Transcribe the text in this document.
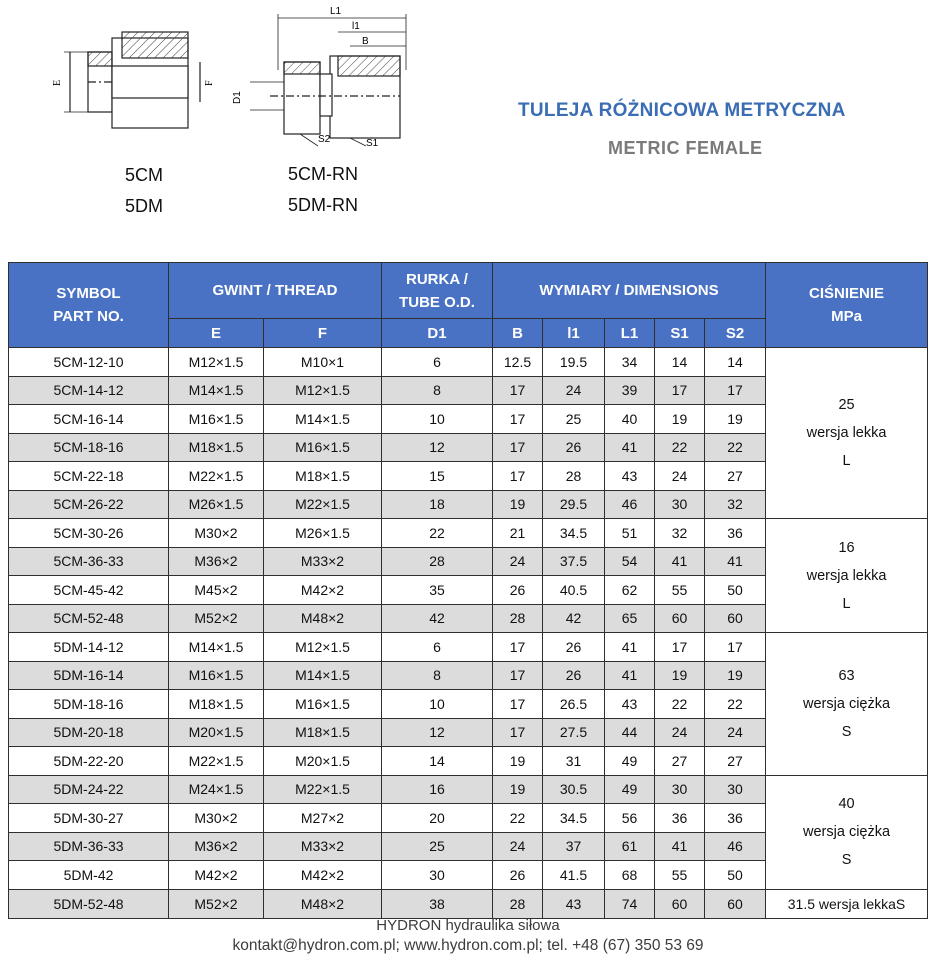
E	F
L1
l1
B
D1
S2	S1
5CM
5DM
5CM-RN
5DM-RN
TULEJA RÓŻNICOWA METRYCZNA
METRIC FEMALE
SYMBOL
PART NO.	GWINT / THREAD		RURKA /
TUBE O.D.	WYMIARY / DIMENSIONS					CIŚNIENIE
MPa
	E	F	D1	B	l1	L1	S1	S2	
5CM-12-10	M12×1.5	M10×1	6	12.5	19.5	34	14	14	25
wersja lekka
L
5CM-14-12	M14×1.5	M12×1.5	8	17	24	39	17	17	
5CM-16-14	M16×1.5	M14×1.5	10	17	25	40	19	19	
5CM-18-16	M18×1.5	M16×1.5	12	17	26	41	22	22	
5CM-22-18	M22×1.5	M18×1.5	15	17	28	43	24	27	
5CM-26-22	M26×1.5	M22×1.5	18	19	29.5	46	30	32	
5CM-30-26	M30×2	M26×1.5	22	21	34.5	51	32	36	16
wersja lekka
L
5CM-36-33	M36×2	M33×2	28	24	37.5	54	41	41	
5CM-45-42	M45×2	M42×2	35	26	40.5	62	55	50	
5CM-52-48	M52×2	M48×2	42	28	42	65	60	60	
5DM-14-12	M14×1.5	M12×1.5	6	17	26	41	17	17	63
wersja ciężka
S
5DM-16-14	M16×1.5	M14×1.5	8	17	26	41	19	19	
5DM-18-16	M18×1.5	M16×1.5	10	17	26.5	43	22	22	
5DM-20-18	M20×1.5	M18×1.5	12	17	27.5	44	24	24	
5DM-22-20	M22×1.5	M20×1.5	14	19	31	49	27	27	
5DM-24-22	M24×1.5	M22×1.5	16	19	30.5	49	30	30	40
wersja ciężka
S
5DM-30-27	M30×2	M27×2	20	22	34.5	56	36	36	
5DM-36-33	M36×2	M33×2	25	24	37	61	41	46	
5DM-42	M42×2	M42×2	30	26	41.5	68	55	50	
5DM-52-48	M52×2	M48×2	38	28	43	74	60	60	31.5 wersja lekkaS
HYDRON hydraulika siłowa
kontakt@hydron.com.pl; www.hydron.com.pl; tel. +48 (67) 350 53 69
